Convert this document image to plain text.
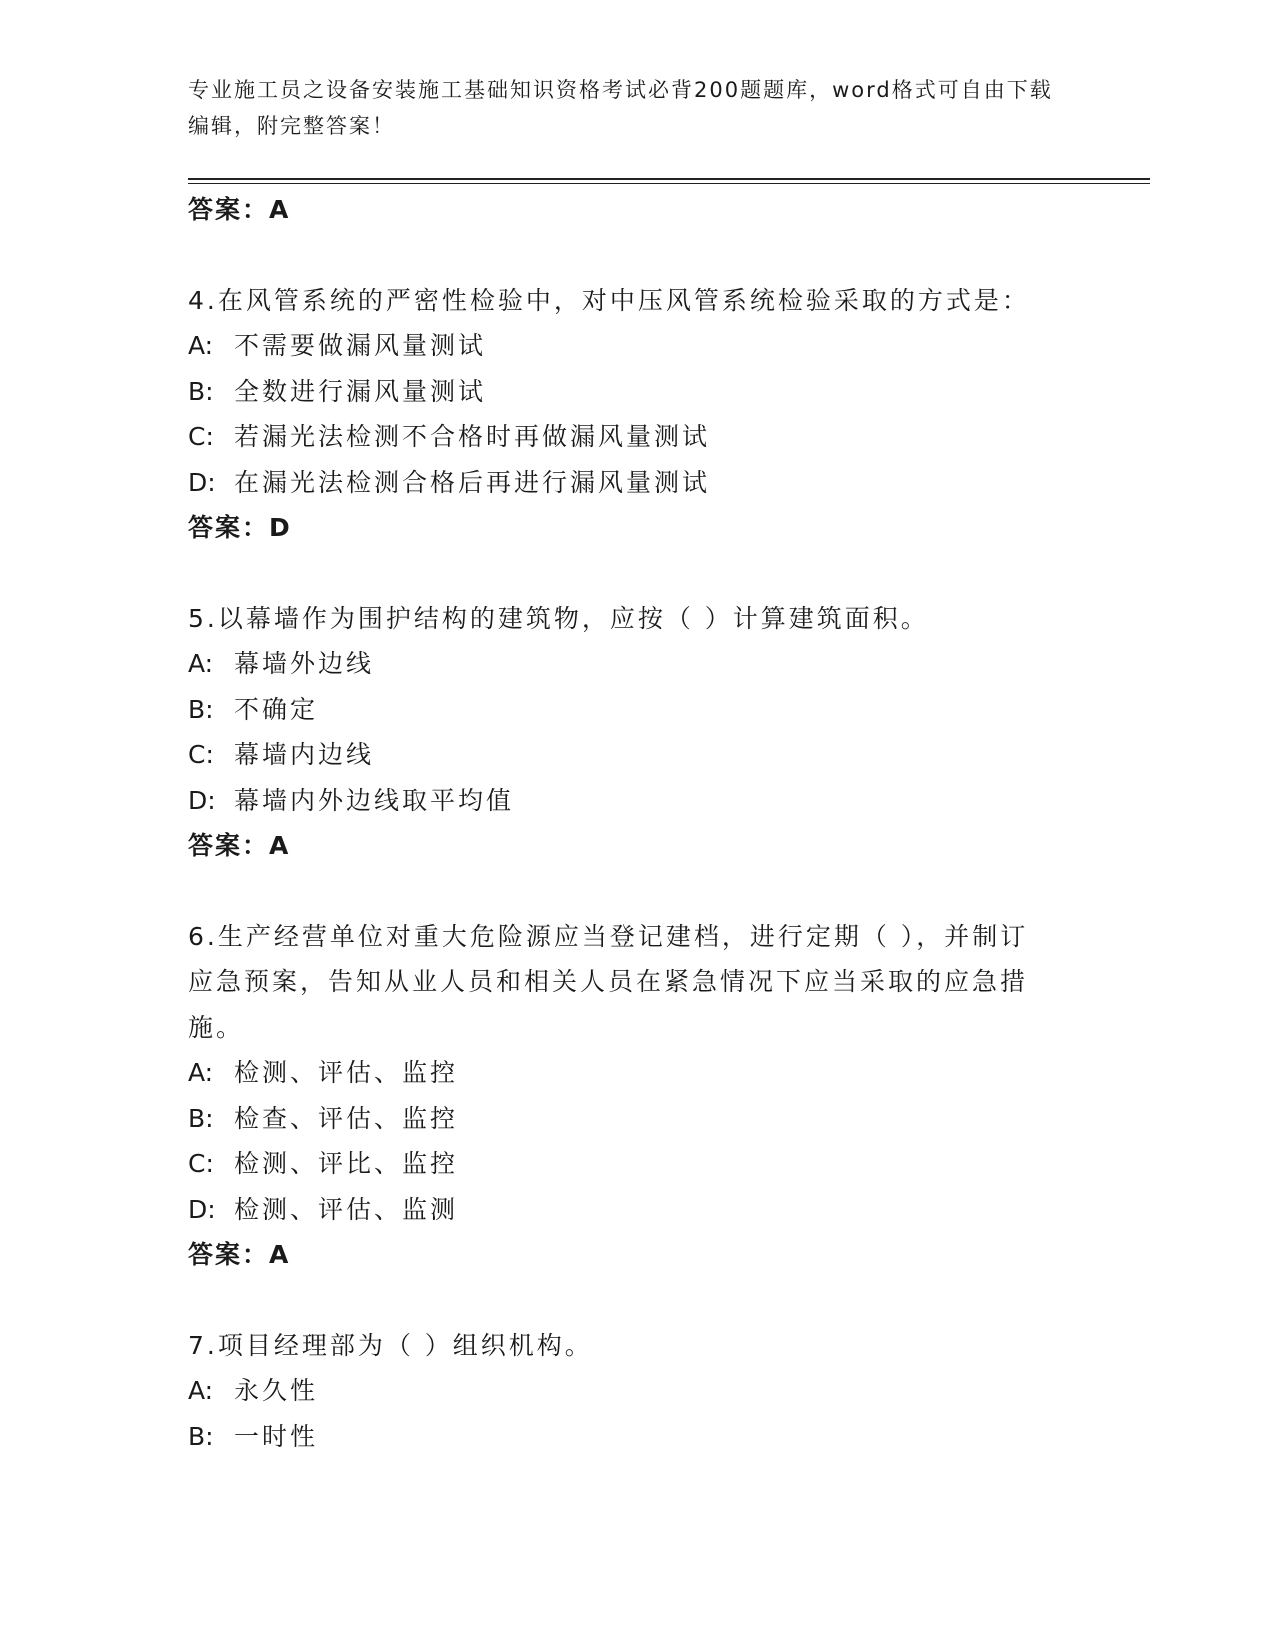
专业施工员之设备安装施工基础知识资格考试必背200题题库，word格式可自由下载编辑，附完整答案！
答案：A
4.在风管系统的严密性检验中，对中压风管系统检验采取的方式是：
A: 不需要做漏风量测试
B: 全数进行漏风量测试
C: 若漏光法检测不合格时再做漏风量测试
D: 在漏光法检测合格后再进行漏风量测试
答案：D
5.以幕墙作为围护结构的建筑物，应按（ ）计算建筑面积。
A: 幕墙外边线
B: 不确定
C: 幕墙内边线
D: 幕墙内外边线取平均值
答案：A
6.生产经营单位对重大危险源应当登记建档，进行定期（ ），并制订
应急预案，告知从业人员和相关人员在紧急情况下应当采取的应急措
施。
A: 检测、评估、监控
B: 检查、评估、监控
C: 检测、评比、监控
D: 检测、评估、监测
答案：A
7.项目经理部为（ ）组织机构。
A: 永久性
B: 一时性
